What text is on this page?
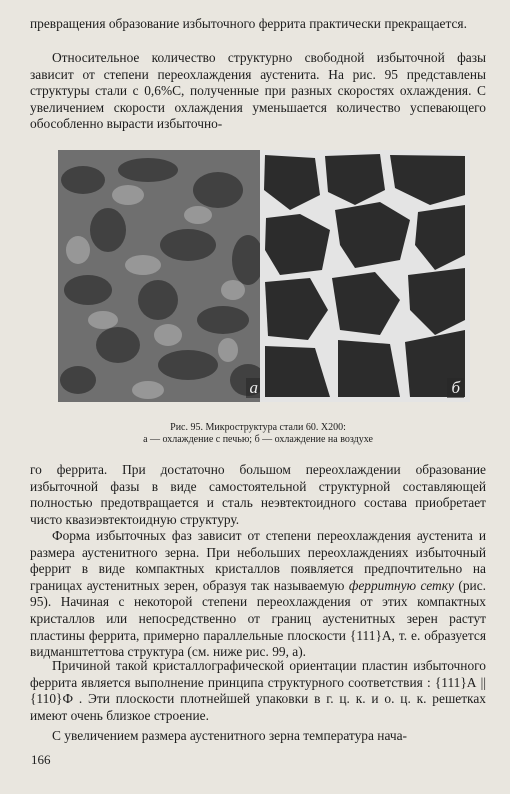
превращения образование избыточного феррита практически прекращается.

Относительное количество структурно свободной избыточной фазы зависит от степени переохлаждения аустенита. На рис. 95 представлены структуры стали с 0,6%С, полученные при разных скоростях охлаждения. С увеличением скорости охлаждения уменьшается количество успевающего обособленно вырасти избыточно-

а	б
Рис. 95. Микроструктура стали 60. Х200:
а — охлаждение с печью; б — охлаждение на воздухе

го феррита. При достаточно большом переохлаждении образование избыточной фазы в виде самостоятельной структурной составляющей полностью предотвращается и сталь неэвтектоидного состава приобретает чисто квазиэвтектоидную структуру.

Форма избыточных фаз зависит от степени переохлаждения аустенита и размера аустенитного зерна. При небольших переохлаждениях избыточный феррит в виде компактных кристаллов появляется предпочтительно на границах аустенитных зерен, образуя так называемую ферритную сетку (рис. 95). Начиная с некоторой степени переохлаждения от этих компактных кристаллов или непосредственно от границ аустенитных зерен растут пластины феррита, примерно параллельные плоскости {111}А, т. е. образуется видманштеттова структура (см. ниже рис. 99, а).

Причиной такой кристаллографической ориентации пластин избыточного феррита является выполнение принципа структурного соответствия : {111}А || {110}Ф . Эти плоскости плотнейшей упаковки в г. ц. к. и о. ц. к. решетках имеют очень близкое строение.

С увеличением размера аустенитного зерна температура нача-

166
